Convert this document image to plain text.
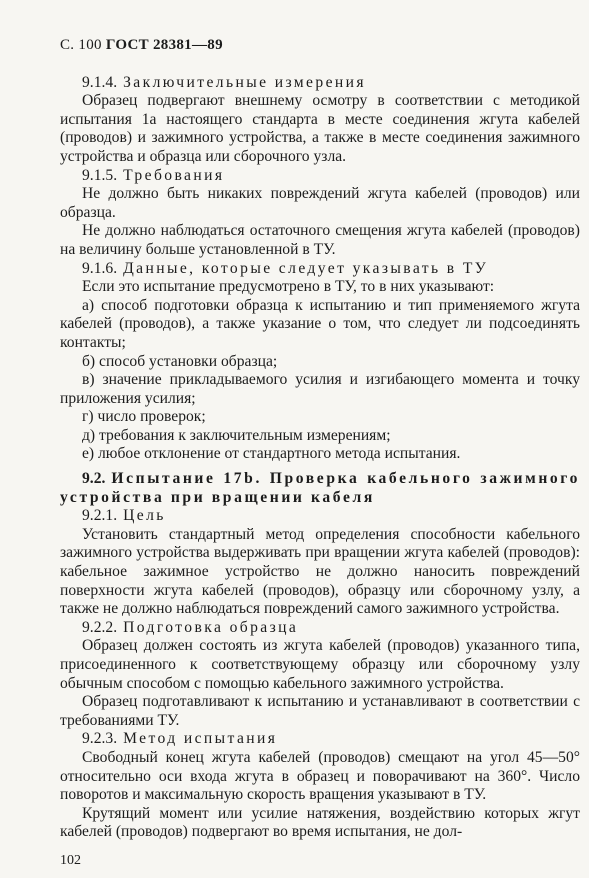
С. 100 ГОСТ 28381—89
9.1.4. Заключительные измерения

Образец подвергают внешнему осмотру в соответствии с методикой испытания 1а настоящего стандарта в месте соединения жгута кабелей (проводов) и зажимного устройства, а также в месте соединения зажимного устройства и образца или сборочного узла.

9.1.5. Требования

Не должно быть никаких повреждений жгута кабелей (проводов) или образца.

Не должно наблюдаться остаточного смещения жгута кабелей (проводов) на величину больше установленной в ТУ.

9.1.6. Данные, которые следует указывать в ТУ

Если это испытание предусмотрено в ТУ, то в них указывают:

а) способ подготовки образца к испытанию и тип применяемого жгута кабелей (проводов), а также указание о том, что следует ли подсоединять контакты;
б) способ установки образца;
в) значение прикладываемого усилия и изгибающего момента и точку приложения усилия;
г) число проверок;
д) требования к заключительным измерениям;
е) любое отклонение от стандартного метода испытания.
9.2. Испытание 17b. Проверка кабельного зажимного устройства при вращении кабеля
9.2.1. Цель

Установить стандартный метод определения способности кабельного зажимного устройства выдерживать при вращении жгута кабелей (проводов): кабельное зажимное устройство не должно наносить повреждений поверхности жгута кабелей (проводов), образцу или сборочному узлу, а также не должно наблюдаться повреждений самого зажимного устройства.

9.2.2. Подготовка образца

Образец должен состоять из жгута кабелей (проводов) указанного типа, присоединенного к соответствующему образцу или сборочному узлу обычным способом с помощью кабельного зажимного устройства.

Образец подготавливают к испытанию и устанавливают в соответствии с требованиями ТУ.

9.2.3. Метод испытания

Свободный конец жгута кабелей (проводов) смещают на угол 45—50° относительно оси входа жгута в образец и поворачивают на 360°. Число поворотов и максимальную скорость вращения указывают в ТУ.

Крутящий момент или усилие натяжения, воздействию которых жгут кабелей (проводов) подвергают во время испытания, не дол-

102
